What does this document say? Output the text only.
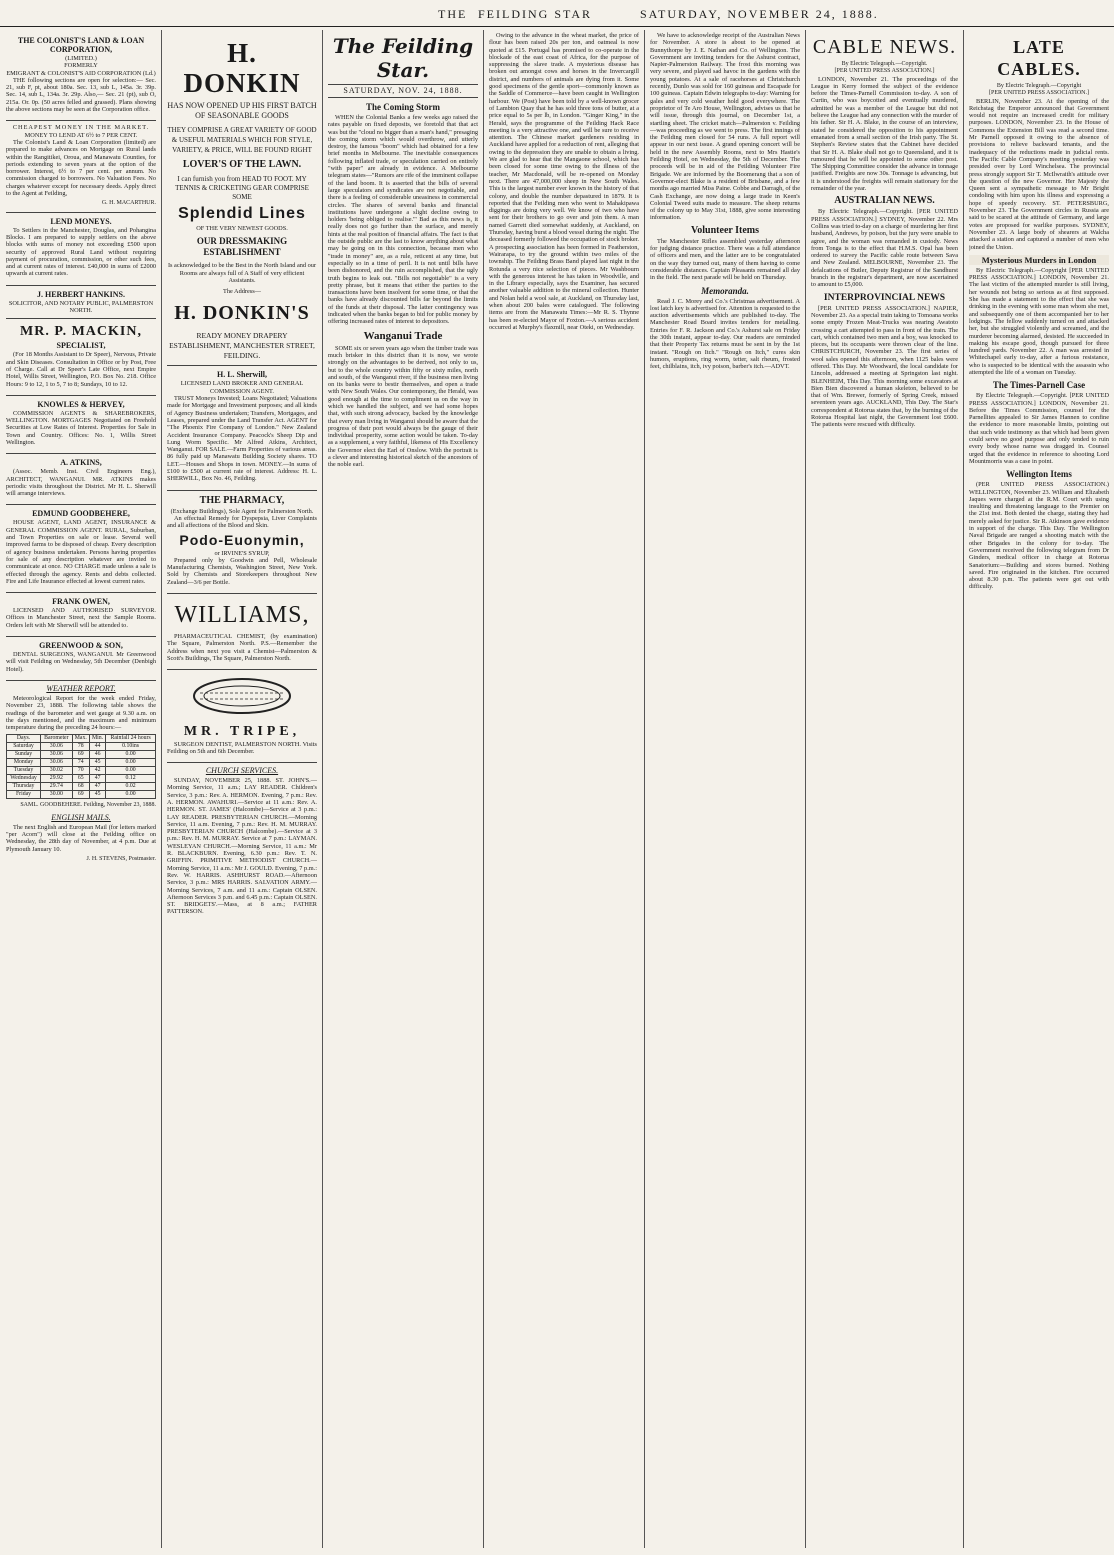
THE FEILDING STAR	SATURDAY, NOVEMBER 24, 1888.
THE COLONIST'S LAND & LOAN CORPORATION,
(LIMITED.)
FORMERLY
EMIGRANT & COLONIST'S AID CORPORATION (Ld.)

THE following sections are open for selection:— Sec. 21, sub F, pt, about 180a. Sec. 13, sub L, 145a. 3r. 39p. Sec. 14, sub L, 134a. 3r. 29p. Also,— Sec. 21 (pt), sub O, 215a. Or. 0p. (50 acres felled and grassed). Plans showing the above sections may be seen at the Corporation office.

CHEAPEST MONEY IN THE MARKET.
MONEY TO LEND AT 6½ to 7 PER CENT.

The Colonist's Land & Loan Corporation (limited) are prepared to make advances on Mortgage on Rural lands within the Rangitikei, Oroua, and Manawatu Counties, for periods extending to seven years at the option of the borrower. Interest, 6½ to 7 per cent. per annum. No commission charged to borrowers. No Valuation Fees. No charges whatever except for necessary deeds. Apply direct to the Agent at Feilding,

G. H. MACARTHUR.
LEND MONEYS.

To Settlers in the Manchester, Douglas, and Pohangina Blocks. I am prepared to supply settlers on the above blocks with sums of money not exceeding £500 upon security of approved Rural Land without requiring payment of procuration, commission, or other such fees, and at current rates of interest. £40,000 in sums of £2000 upwards at current rates.

J. HERBERT HANKINS.
SOLICITOR, AND NOTARY PUBLIC, PALMERSTON NORTH.
MR. P. MACKIN,
SPECIALIST,

(For 18 Months Assistant to Dr Speer), Nervous, Private and Skin Diseases. Consultation in Office or by Post, Free of Charge. Call at Dr Speer's Late Office, next Empire Hotel, Willis Street, Wellington, P.O. Box No. 218. Office Hours: 9 to 12, 1 to 5, 7 to 8; Sundays, 10 to 12.

KNOWLES & HERVEY,

COMMISSION AGENTS & SHAREBROKERS, WELLINGTON. MORTGAGES Negotiated on Freehold Securities at Low Rates of Interest. Properties for Sale in Town and Country. Offices: No. 1, Willis Street Wellington.

A. ATKINS,

(Assoc. Memb. Inst. Civil Engineers Eng.), ARCHITECT, WANGANUI. MR. ATKINS makes periodic visits throughout the District. Mr H. L. Sherwill will arrange interviews.

EDMUND GOODBEHERE,

HOUSE AGENT, LAND AGENT, INSURANCE & GENERAL COMMISSION AGENT. RURAL, Suburban, and Town Properties on sale or lease. Several well improved farms to be disposed of cheap. Every description of agency business undertaken. Persons having properties for sale of any description whatever are invited to communicate at once. NO CHARGE made unless a sale is effected through the agency. Rents and debts collected. Fire and Life Insurance effected at lowest current rates.

FRANK OWEN,

LICENSED AND AUTHORISED SURVEYOR. Offices in Manchester Street, next the Sample Rooms. Orders left with Mr Sherwill will be attended to.

GREENWOOD & SON,

DENTAL SURGEONS, WANGANUI. Mr Greenwood will visit Feilding on Wednesday, 5th December (Denbigh Hotel).

WEATHER REPORT.

Meteorological Report for the week ended Friday, November 23, 1888. The following table shows the readings of the barometer and wet gauge at 9.30 a.m. on the days mentioned, and the maximum and minimum temperature during the preceding 24 hours:—

Days.	Barometer	Max.	Min.	Rainfall 24 hours
Saturday	30.06	78	44	0.10ins
Sunday	30.06	69	46	0.00
Monday	30.06	74	45	0.00
Tuesday	30.02	70	42	0.00
Wednesday	29.92	65	47	0.12
Thursday	29.74	68	47	0.02
Friday	30.00	69	45	0.00
SAML. GOODBEHERE. Feilding, November 23, 1888.
ENGLISH MAILS.

The next English and European Mail (for letters marked "per Acorn") will close at the Feilding office on Wednesday, the 28th day of November, at 4 p.m. Due at Plymouth January 10.

J. H. STEVENS, Postmaster.
H. DONKIN
HAS NOW OPENED UP HIS FIRST BATCH OF SEASONABLE GOODS
THEY COMPRISE A GREAT VARIETY OF GOOD & USEFUL MATERIALS WHICH FOR STYLE, VARIETY, & PRICE, WILL BE FOUND RIGHT
LOVER'S OF THE LAWN.
I can furnish you from HEAD TO FOOT. MY TENNIS & CRICKETING GEAR COMPRISE SOME
Splendid Lines
OF THE VERY NEWEST GOODS.
OUR DRESSMAKING ESTABLISHMENT
Is acknowledged to be the Best in the North Island and our Rooms are always full of A Staff of very efficient Assistants.
The Address—
H. DONKIN'S
READY MONEY DRAPERY ESTABLISHMENT, MANCHESTER STREET, FEILDING.
H. L. Sherwill,
LICENSED LAND BROKER AND GENERAL COMMISSION AGENT.

TRUST Moneys Invested; Loans Negotiated; Valuations made for Mortgage and Investment purposes; and all kinds of Agency Business undertaken; Transfers, Mortgages, and Leases, prepared under the Land Transfer Act. AGENT for "The Phoenix Fire Company of London." New Zealand Accident Insurance Company. Peacock's Sheep Dip and Lung Worm Specific. Mr Alfred Atkins, Architect, Wanganui. FOR SALE.—Farm Properties of various areas. 86 fully paid up Manawatu Building Society shares. TO LET.—Houses and Shops in town. MONEY.—In sums of £100 to £500 at current rate of interest. Address: H. L. SHERWILL, Box No. 46, Feilding.

THE PHARMACY,
(Exchange Buildings), Sole Agent for Palmerston North.

An effectual Remedy for Dyspepsia, Liver Complaints and all affections of the Blood and Skin.

Podo-Euonymin,
or IRVINE'S SYRUP,

Prepared only by Goodwin and Pell, Wholesale Manufacturing Chemists, Washington Street, New York. Sold by Chemists and Storekeepers throughout New Zealand—3/6 per Bottle.

WILLIAMS,

PHARMACEUTICAL CHEMIST, (by examination) The Square, Palmerston North. P.S.—Remember the Address when next you visit a Chemist—Palmerston & Scott's Buildings, The Square, Palmerston North.

MR. TRIPE,

SURGEON DENTIST, PALMERSTON NORTH. Visits Feilding on 5th and 6th December.

CHURCH SERVICES.

SUNDAY, NOVEMBER 25, 1888. ST. JOHN'S.—Morning Service, 11 a.m.; LAY READER. Children's Service, 3 p.m.: Rev. A. HERMON. Evening, 7 p.m.: Rev. A. HERMON. AWAHURI.—Service at 11 a.m.: Rev. A. HERMON. ST. JAMES' (Halcombe)—Service at 3 p.m.: LAY READER. PRESBYTERIAN CHURCH.—Morning Service, 11 a.m. Evening, 7 p.m.: Rev. H. M. MURRAY. PRESBYTERIAN CHURCH (Halcombe).—Service at 3 p.m.: Rev. H. M. MURRAY. Service at 7 p.m.: LAYMAN. WESLEYAN CHURCH.—Morning Service, 11 a.m.: Mr R. BLACKBURN. Evening, 6.30 p.m.: Rev. T. N. GRIFFIN. PRIMITIVE METHODIST CHURCH.—Morning Service, 11 a.m.: Mr J. GOULD. Evening, 7 p.m.: Rev. W. HARRIS. ASHHURST ROAD.—Afternoon Service, 3 p.m.: MRS HARRIS. SALVATION ARMY.—Morning Services, 7 a.m. and 11 a.m.: Captain OLSEN. Afternoon Services 3 p.m. and 6.45 p.m.: Captain OLSEN. ST. BRIDGETS'.—Mass, at 8 a.m.; FATHER PATTERSON.

The Feilding Star.
SATURDAY, NOV. 24, 1888.
The Coming Storm

WHEN the Colonial Banks a few weeks ago raised the rates payable on fixed deposits, we foretold that that act was but the "cloud no bigger than a man's hand," presaging the coming storm which would overthrow, and utterly destroy, the famous "boom" which had obtained for a few brief months in Melbourne. The inevitable consequences following inflated trade, or speculation carried on entirely "with paper" are already in evidence. A Melbourne telegram states—"Rumors are rife of the imminent collapse of the land boom. It is asserted that the bills of several large speculators and syndicates are not negotiable, and there is a feeling of considerable uneasiness in commercial circles. The shares of several banks and financial institutions have undergone a slight decline owing to holders 'being obliged to realise.'" Bad as this news is, it really does not go further than the surface, and merely hints at the real position of financial affairs. The fact is that the outside public are the last to know anything about what may be going on in this connection, because men who "trade in money" are, as a rule, reticent at any time, but especially so in a time of peril. It is not until bills have been dishonored, and the ruin accomplished, that the ugly truth begins to leak out. "Bills not negotiable" is a very pretty phrase, but it means that either the parties to the transactions have been insolvent for some time, or that the banks have already discounted bills far beyond the limits of the funds at their disposal. The latter contingency was indicated when the banks began to bid for public money by offering increased rates of interest to depositors.

Wanganui Trade

SOME six or seven years ago when the timber trade was much brisker in this district than it is now, we wrote strongly on the advantages to be derived, not only to us, but to the whole country within fifty or sixty miles, north and south, of the Wanganui river, if the business men living on its banks were to bestir themselves, and open a trade with New South Wales. Our contemporary, the Herald, was good enough at the time to compliment us on the way in which we handled the subject, and we had some hopes that, with such strong advocacy, backed by the knowledge that every man living in Wanganui should be aware that the progress of their port would always be the gauge of their individual prosperity, some action would be taken. To-day as a supplement, a very faithful, likeness of His Excellency the Governor elect the Earl of Onslow. With the portrait is a clever and interesting historical sketch of the ancestors of the noble earl.

Owing to the advance in the wheat market, the price of flour has been raised 20s per ton, and oatmeal is now quoted at £15. Portugal has promised to co-operate in the blockade of the east coast of Africa, for the purpose of suppressing the slave trade. A mysterious disease has broken out amongst cows and horses in the Invercargill district, and numbers of animals are dying from it. Some good specimens of the gentle sport—commonly known as the Saddle of Commerce—have been caught in Wellington harbour. We (Post) have been told by a well-known grocer of Lambton Quay that he has sold three tons of butter, at a price equal to 5s per lb, in London. "Ginger King," in the Herald, says the programme of the Feilding Hack Race meeting is a very attractive one, and will be sure to receive attention. The Chinese market gardeners residing in Auckland have applied for a reduction of rent, alleging that owing to the depression they are unable to obtain a living. We are glad to hear that the Mangaone school, which has been closed for some time owing to the illness of the teacher, Mr Macdonald, will be re-opened on Monday next. There are 47,000,000 sheep in New South Wales. This is the largest number ever known in the history of that colony, and double the number depastured in 1879. It is reported that the Feilding men who went to Mahakipawa diggings are doing very well. We know of two who have sent for their brothers to go over and join them. A man named Garrett died somewhat suddenly, at Auckland, on Thursday, having burst a blood vessel during the night. The deceased formerly followed the occupation of stock broker. A prospecting association has been formed in Featherston, Wairarapa, to try the ground within two miles of the township. The Feilding Brass Band played last night in the Rotunda a very nice selection of pieces. Mr Washbourn with the generous interest he has taken in Woodville, and in the Library especially, says the Examiner, has secured another valuable addition to the mineral collection. Hunter and Nolan held a wool sale, at Auckland, on Thursday last, when about 200 bales were catalogued. The following items are from the Manawatu Times:—Mr R. S. Thynne has been re-elected Mayor of Foxton.—A serious accident occurred at Murphy's flaxmill, near Oteki, on Wednesday.

We have to acknowledge receipt of the Australian News for November. A store is about to be opened at Bunnythorpe by J. E. Nathan and Co. of Wellington. The Government are inviting tenders for the Ashurst contract, Napier-Palmerston Railway. The frost this morning was very severe, and played sad havoc in the gardens with the young potatoes. At a sale of racehorses at Christchurch recently, Dunlo was sold for 160 guineas and Escapade for 100 guineas. Captain Edwin telegraphs to-day: Warning for gales and very cold weather hold good everywhere. The proprietor of Te Aro House, Wellington, advises us that he will issue, through this journal, on December 1st, a startling sheet. The cricket match—Palmerston v. Feilding—was proceeding as we went to press. The first innings of the Feilding men closed for 54 runs. A full report will appear in our next issue. A grand opening concert will be held in the new Assembly Rooms, next to Mrs Hastie's Feilding Hotel, on Wednesday, the 5th of December. The proceeds will be in aid of the Feilding Volunteer Fire Brigade. We are informed by the Boomerang that a son of Governor-elect Blake is a resident of Brisbane, and a few months ago married Miss Paine. Cobbe and Darragh, of the Cash Exchange, are now doing a large trade in Keen's Colonial Tweed suits made to measure. The sheep returns of the colony up to May 31st, 1888, give some interesting information.

Volunteer Items

The Manchester Rifles assembled yesterday afternoon for judging distance practice. There was a full attendance of officers and men, and the latter are to be congratulated on the way they turned out, many of them having to come considerable distances. Captain Pleasants remained all day in the field. The next parade will be held on Thursday.

Memoranda.

Read J. C. Morey and Co.'s Christmas advertisement. A lost latch key is advertised for. Attention is requested to the auction advertisements which are published to-day. The Manchester Road Board invites tenders for metalling. Entries for F. R. Jackson and Co.'s Ashurst sale on Friday the 30th instant, appear to-day. Our readers are reminded that their Property Tax returns must be sent in by the 1st instant. "Rough on Itch." "Rough on Itch," cures skin humors, eruptions, ring worm, tetter, salt rheum, frosted feet, chilblains, itch, ivy poison, barber's itch.—ADVT.

CABLE NEWS.
By Electric Telegraph.—Copyright.
[PER UNITED PRESS ASSOCIATION.]

LONDON, November 21. The proceedings of the League in Kerry formed the subject of the evidence before the Times-Parnell Commission to-day. A son of Curtin, who was boycotted and eventually murdered, admitted he was a member of the League but did not believe the League had any connection with the murder of his father. Sir H. A. Blake, in the course of an interview, stated he considered the opposition to his appointment emanated from a small section of the Irish party. The St. Stephen's Review states that the Cabinet have decided that Sir H. A. Blake shall not go to Queensland, and it is rumoured that he will be appointed to some other post. The Shipping Committee consider the advance in tonnage justified. Freights are now 30s. Tonnage is advancing, but it is understood the freights will remain stationary for the remainder of the year.

AUSTRALIAN NEWS.

By Electric Telegraph.—Copyright. [PER UNITED PRESS ASSOCIATION.] SYDNEY, November 22. Mrs Collins was tried to-day on a charge of murdering her first husband, Andrews, by poison, but the jury were unable to agree, and the woman was remanded in custody. News from Tonga is to the effect that H.M.S. Opal has been ordered to survey the Pacific cable route between Sava and New Zealand. MELBOURNE, November 23. The defalcations of Butler, Deputy Registrar of the Sandhurst branch in the registrar's department, are now ascertained to amount to £5,000.

INTERPROVINCIAL NEWS

[PER UNITED PRESS ASSOCIATION.] NAPIER, November 23. As a special train taking to Tomoana works some empty Frozen Meat-Trucks was nearing Awatoto crossing a cart attempted to pass in front of the train. The cart, which contained two men and a boy, was knocked to pieces, but its occupants were thrown clear of the line. CHRISTCHURCH, November 23. The first series of wool sales opened this afternoon, when 1125 bales were offered. This Day. Mr Woodward, the local candidate for Lincoln, addressed a meeting at Springston last night. BLENHEIM, This Day. This morning some excavators at Bien Bien discovered a human skeleton, believed to be that of Wm. Brewer, formerly of Spring Creek, missed seventeen years ago. AUCKLAND, This Day. The Star's correspondent at Rotorua states that, by the burning of the Rotorua Hospital last night, the Government lost £600. The patients were rescued with difficulty.

LATE CABLES.
By Electric Telegraph.—Copyright
[PER UNITED PRESS ASSOCIATION.]

BERLIN, November 23. At the opening of the Reichstag the Emperor announced that Government would not require an increased credit for military purposes. LONDON, November 23. In the House of Commons the Extension Bill was read a second time. Mr Parnell opposed it owing to the absence of provisions to relieve backward tenants, and the inadequacy of the reductions made in judicial rents. The Pacific Cable Company's meeting yesterday was presided over by Lord Winchelsea. The provincial press strongly support Sir T. McIlwraith's attitude over the question of the new Governor. Her Majesty the Queen sent a sympathetic message to Mr Bright condoling with him upon his illness and expressing a hope of speedy recovery. ST. PETERSBURG, November 23. The Government circles in Russia are said to be scared at the attitude of Germany, and large votes are proposed for warlike purposes. SYDNEY, November 23. A large body of shearers at Walcha attacked a station and captured a number of men who joined the Union.

Mysterious Murders in London

By Electric Telegraph.—Copyright [PER UNITED PRESS ASSOCIATION.] LONDON, November 21. The last victim of the attempted murder is still living, her wounds not being so serious as at first supposed. She has made a statement to the effect that she was drinking in the evening with some man whom she met, and subsequently one of them accompanied her to her lodgings. The fellow suddenly turned on and attacked her, but she struggled violently and screamed, and the murderer becoming alarmed, desisted. He succeeded in making his escape good, though pursued for three hundred yards. November 22. A man was arrested in Whitechapel early to-day, after a furious resistance, who is suspected to be identical with the assassin who attempted the life of a woman on Tuesday.

The Times-Parnell Case

By Electric Telegraph.—Copyright. [PER UNITED PRESS ASSOCIATION.] LONDON, November 21. Before the Times Commission, counsel for the Parnellites appealed to Sir James Hannen to confine the evidence to more reasonable limits, pointing out that such wide testimony as that which had been given could serve no good purpose and only tended to ruin every body whose name was dragged in. Counsel urged that the evidence in reference to shooting Lord Mountmorris was a case in point.

Wellington Items

(PER UNITED PRESS ASSOCIATION.) WELLINGTON, November 23. William and Elizabeth Jaques were charged at the R.M. Court with using insulting and threatening language to the Premier on the 21st inst. Both denied the charge, stating they had merely asked for justice. Sir R. Atkinson gave evidence in support of the charge. This Day. The Wellington Naval Brigade are ranged a shooting match with the other Brigades in the colony for to-day. The Government received the following telegram from Dr Ginders, medical officer in charge at Rotorua Sanatorium:—Building and stores burned. Nothing saved. Fire originated in the kitchen. Fire occurred about 8.30 p.m. The patients were got out with difficulty.
